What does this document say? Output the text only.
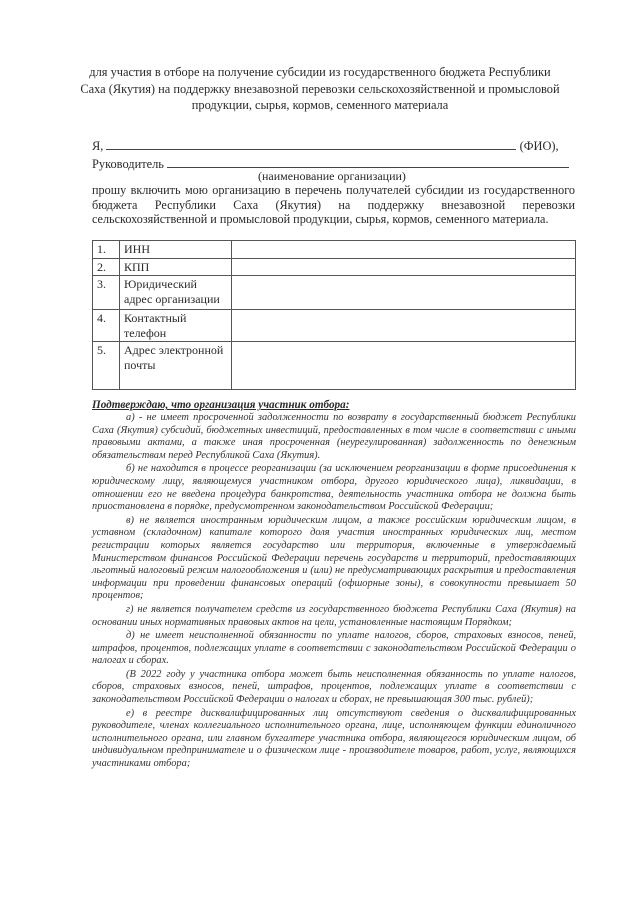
для участия в отборе на получение субсидии из государственного бюджета Республики
Саха (Якутия) на поддержку внезавозной перевозки сельскохозяйственной и промысловой
продукции, сырья, кормов, семенного материала
Я,	(ФИО),
Руководитель
(наименование организации)
прошу включить мою организацию в перечень получателей субсидии из государственного бюджета Республики Саха (Якутия) на поддержку внезавозной перевозки сельскохозяйственной и промысловой продукции, сырья, кормов, семенного материала.
1.	ИНН	
2.	КПП	
3.	Юридический адрес организации	
4.	Контактный телефон	
5.	Адрес электронной почты	
Подтверждаю, что организация участник отбора:

а) - не имеет просроченной задолженности по возврату в государственный бюджет Республики Саха (Якутия) субсидий, бюджетных инвестиций, предоставленных в том числе в соответствии с иными правовыми актами, а также иная просроченная (неурегулированная) задолженность по денежным обязательствам перед Республикой Саха (Якутия).

б) не находится в процессе реорганизации (за исключением реорганизации в форме присоединения к юридическому лицу, являющемуся участником отбора, другого юридического лица), ликвидации, в отношении его не введена процедура банкротства, деятельность участника отбора не должна быть приостановлена в порядке, предусмотренном законодательством Российской Федерации;

в) не является иностранным юридическим лицом, а также российским юридическим лицом, в уставном (складочном) капитале которого доля участия иностранных юридических лиц, местом регистрации которых является государство или территория, включенные в утверждаемый Министерством финансов Российской Федерации перечень государств и территорий, предоставляющих льготный налоговый режим налогообложения и (или) не предусматривающих раскрытия и предоставления информации при проведении финансовых операций (офшорные зоны), в совокупности превышает 50 процентов;

г) не является получателем средств из государственного бюджета Республики Саха (Якутия) на основании иных нормативных правовых актов на цели, установленные настоящим Порядком;

д) не имеет неисполненной обязанности по уплате налогов, сборов, страховых взносов, пеней, штрафов, процентов, подлежащих уплате в соответствии с законодательством Российской Федерации о налогах и сборах.

(В 2022 году у участника отбора может быть неисполненная обязанность по уплате налогов, сборов, страховых взносов, пеней, штрафов, процентов, подлежащих уплате в соответствии с законодательством Российской Федерации о налогах и сборах, не превышающая 300 тыс. рублей);

е) в реестре дисквалифицированных лиц отсутствуют сведения о дисквалифицированных руководителе, членах коллегиального исполнительного органа, лице, исполняющем функции единоличного исполнительного органа, или главном бухгалтере участника отбора, являющегося юридическим лицом, об индивидуальном предпринимателе и о физическом лице - производителе товаров, работ, услуг, являющихся участниками отбора;
